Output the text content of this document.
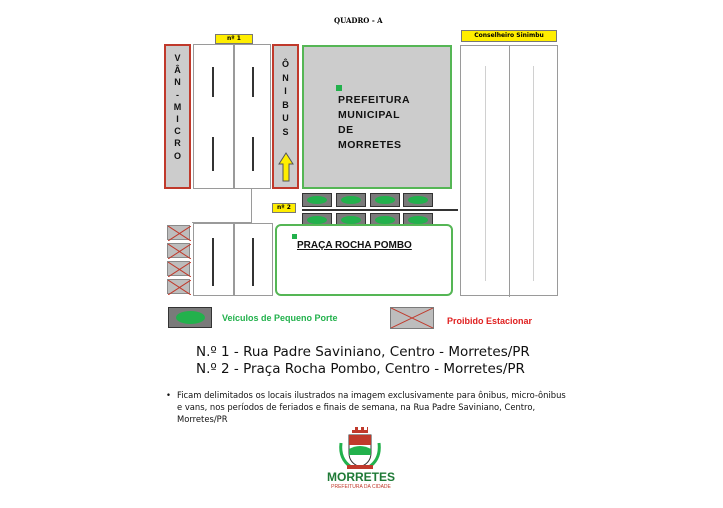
QUADRO - A
nº 1	Conselheiro Sinimbu
V
Â
N
-
M
I
C
R
O
Ô
N
I
B
U
S
nº 2
PREFEITURA
MUNICIPAL
DE
MORRETES
PRAÇA ROCHA POMBO
Veículos de Pequeno Porte	Proibido Estacionar
N.º 1 - Rua Padre Saviniano, Centro - Morretes/PR
N.º 2 - Praça Rocha Pombo, Centro - Morretes/PR
• Ficam delimitados os locais ilustrados na imagem exclusivamente para ônibus, micro-ônibus e vans, nos períodos de feriados e finais de semana, na Rua Padre Saviniano, Centro, Morretes/PR
MORRETES
PREFEITURA DA CIDADE
